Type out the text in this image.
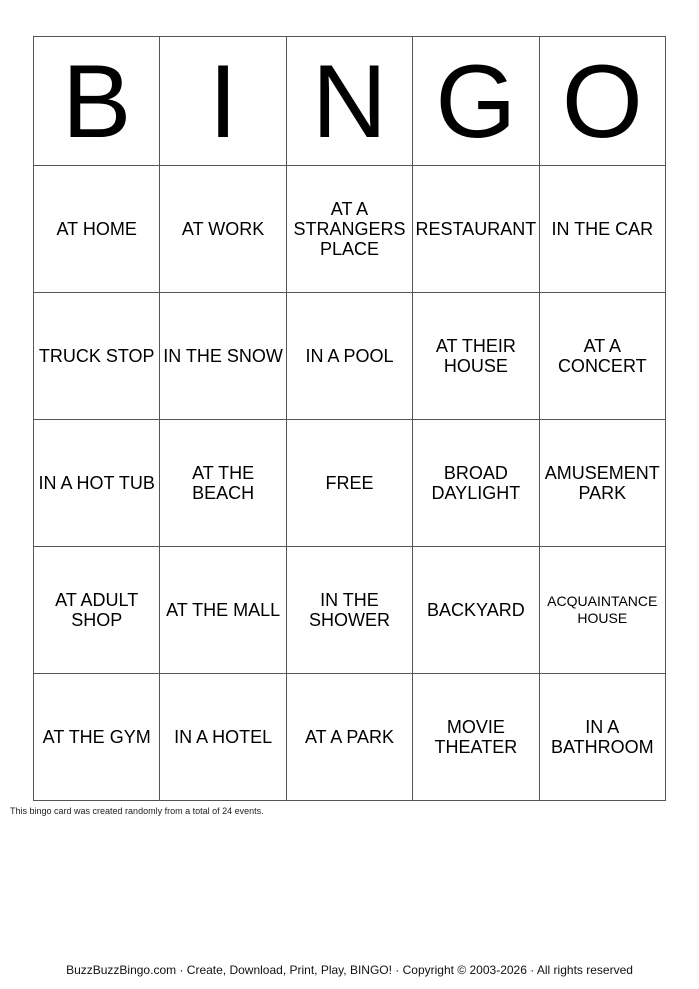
B	I	N	G	O
AT HOME	AT WORK	AT A STRANGERS PLACE	RESTAURANT	IN THE CAR
TRUCK STOP	IN THE SNOW	IN A POOL	AT THEIR HOUSE	AT A CONCERT
IN A HOT TUB	AT THE BEACH	FREE	BROAD DAYLIGHT	AMUSEMENT PARK
AT ADULT SHOP	AT THE MALL	IN THE SHOWER	BACKYARD	ACQUAINTANCE HOUSE
AT THE GYM	IN A HOTEL	AT A PARK	MOVIE THEATER	IN A BATHROOM
This bingo card was created randomly from a total of 24 events.
BuzzBuzzBingo.com · Create, Download, Print, Play, BINGO! · Copyright © 2003-2026 · All rights reserved
